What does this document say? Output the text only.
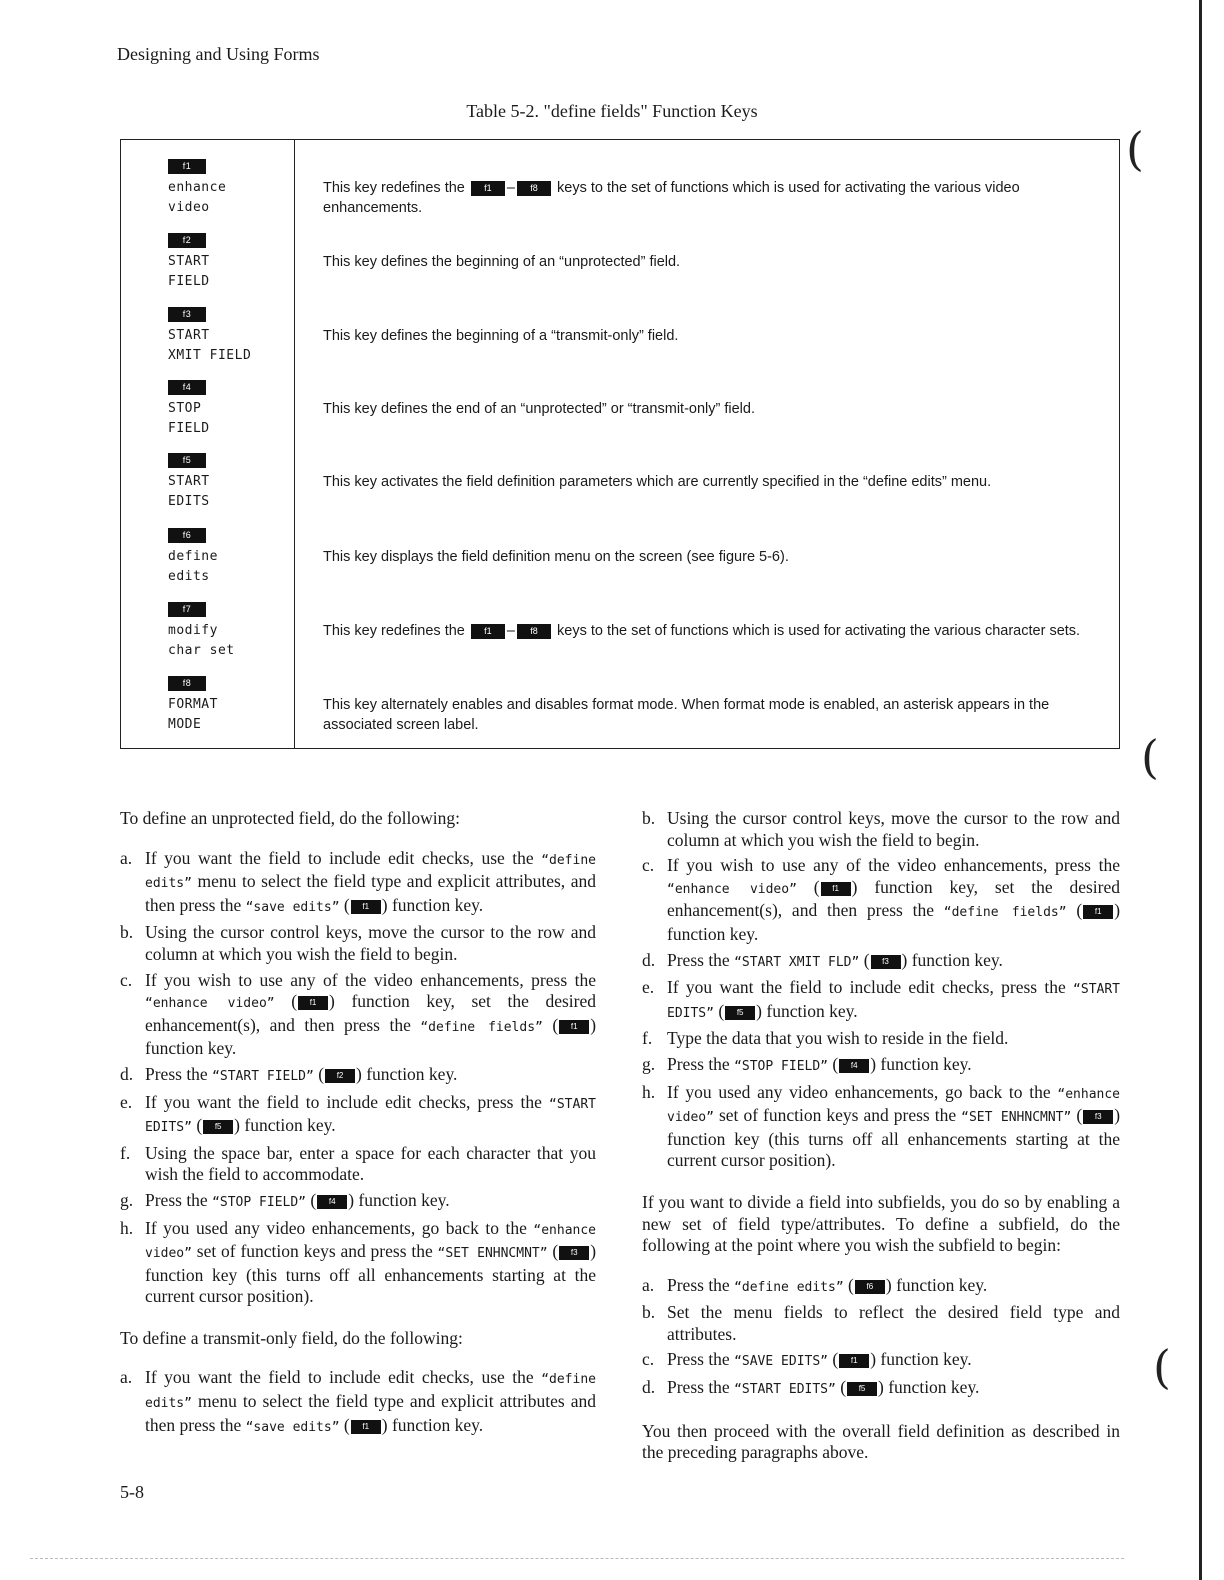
Designing and Using Forms
Table 5-2. "define fields" Function Keys
f1
enhance
video
This key redefines the f1 – f8 keys to the set of functions which is used for activating the various video enhancements.
f2
START
FIELD
This key defines the beginning of an “unprotected” field.
f3
START
XMIT FIELD
This key defines the beginning of a “transmit-only” field.
f4
STOP
FIELD
This key defines the end of an “unprotected” or “transmit-only” field.
f5
START
EDITS
This key activates the field definition parameters which are currently specified in the “define edits” menu.
f6
define
edits
This key displays the field definition menu on the screen (see figure 5-6).
f7
modify
char set
This key redefines the f1 – f8 keys to the set of functions which is used for activating the various character sets.
f8
FORMAT
MODE
This key alternately enables and disables format mode. When format mode is enabled, an asterisk appears in the associated screen label.
(
(
(

To define an unprotected field, do the following:

a. If you want the field to include edit checks, use the “define edits” menu to select the field type and explicit attributes, and then press the “save edits” ( f1 ) function key.
b. Using the cursor control keys, move the cursor to the row and column at which you wish the field to begin.
c. If you wish to use any of the video enhancements, press the “enhance video” ( f1 ) function key, set the desired enhancement(s), and then press the “define fields” ( f1 ) function key.
d. Press the “START FIELD” ( f2 ) function key.
e. If you want the field to include edit checks, press the “START EDITS” ( f5 ) function key.
f. Using the space bar, enter a space for each character that you wish the field to accommodate.
g. Press the “STOP FIELD” ( f4 ) function key.
h. If you used any video enhancements, go back to the “enhance video” set of function keys and press the “SET ENHNCMNT” ( f3 ) function key (this turns off all enhancements starting at the current cursor position).

To define a transmit-only field, do the following:

a. If you want the field to include edit checks, use the “define edits” menu to select the field type and explicit attributes and then press the “save edits” ( f1 ) function key.
b. Using the cursor control keys, move the cursor to the row and column at which you wish the field to begin.
c. If you wish to use any of the video enhancements, press the “enhance video” ( f1 ) function key, set the desired enhancement(s), and then press the “define fields” ( f1 ) function key.
d. Press the “START XMIT FLD” ( f3 ) function key.
e. If you want the field to include edit checks, press the “START EDITS” ( f5 ) function key.
f. Type the data that you wish to reside in the field.
g. Press the “STOP FIELD” ( f4 ) function key.
h. If you used any video enhancements, go back to the “enhance video” set of function keys and press the “SET ENHNCMNT” ( f3 ) function key (this turns off all enhancements starting at the current cursor position).

If you want to divide a field into subfields, you do so by enabling a new set of field type/attributes. To define a subfield, do the following at the point where you wish the subfield to begin:

a. Press the “define edits” ( f6 ) function key.
b. Set the menu fields to reflect the desired field type and attributes.
c. Press the “SAVE EDITS” ( f1 ) function key.
d. Press the “START EDITS” ( f5 ) function key.

You then proceed with the overall field definition as described in the preceding paragraphs above.

5-8
